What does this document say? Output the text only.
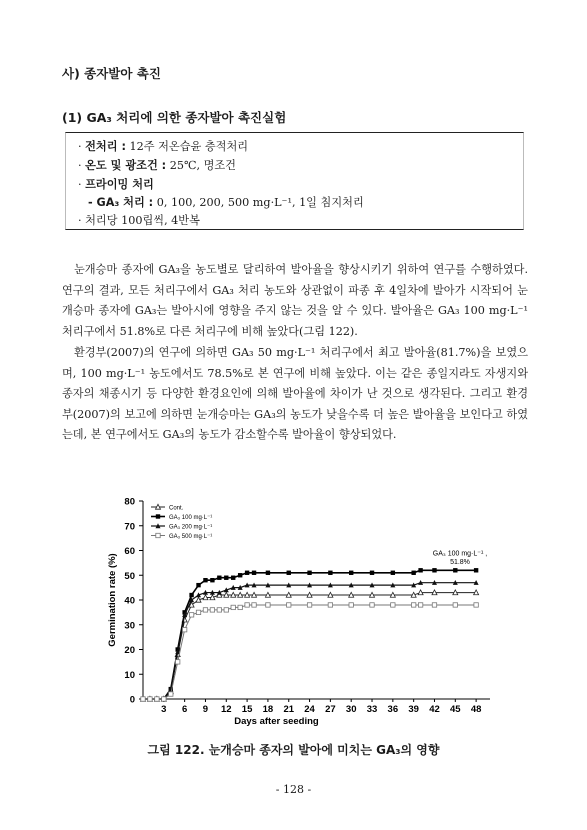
사) 종자발아 촉진
(1) GA₃ 처리에 의한 종자발아 촉진실험
· 전처리 : 12주 저온습윤 층적처리
· 온도 및 광조건 : 25℃, 명조건
· 프라이밍 처리
- GA₃ 처리 : 0, 100, 200, 500 mg·L⁻¹, 1일 침지처리
· 처리당 100립씩, 4반복

눈개승마 종자에 GA₃을 농도별로 달리하여 발아율을 향상시키기 위하여 연구를 수행하였다. 연구의 결과, 모든 처리구에서 GA₃ 처리 농도와 상관없이 파종 후 4일차에 발아가 시작되어 눈개승마 종자에 GA₃는 발아시에 영향을 주지 않는 것을 알 수 있다. 발아율은 GA₃ 100 mg·L⁻¹ 처리구에서 51.8%로 다른 처리구에 비해 높았다(그림 122).

환경부(2007)의 연구에 의하면 GA₃ 50 mg·L⁻¹ 처리구에서 최고 발아율(81.7%)을 보였으며, 100 mg·L⁻¹ 농도에서도 78.5%로 본 연구에 비해 높았다. 이는 같은 종일지라도 자생지와 종자의 채종시기 등 다양한 환경요인에 의해 발아율에 차이가 난 것으로 생각된다. 그리고 환경부(2007)의 보고에 의하면 눈개승마는 GA₃의 농도가 낮을수록 더 높은 발아율을 보인다고 하였는데, 본 연구에서도 GA₃의 농도가 감소할수록 발아율이 향상되었다.

0
10
20
30
40
50
60
70
80
3 6 9 12 15 18 21 24 27 30 33 36 39 42 45 48
Days after seeding
Germination rate (%)
Cont.
GA₃ 100 mg·L⁻¹
GA₃ 200 mg·L⁻¹
GA₃ 500 mg·L⁻¹
GA₃ 100 mg·L⁻¹ ,
51.8%
그림 122. 눈개승마 종자의 발아에 미치는 GA₃의 영향
- 128 -
